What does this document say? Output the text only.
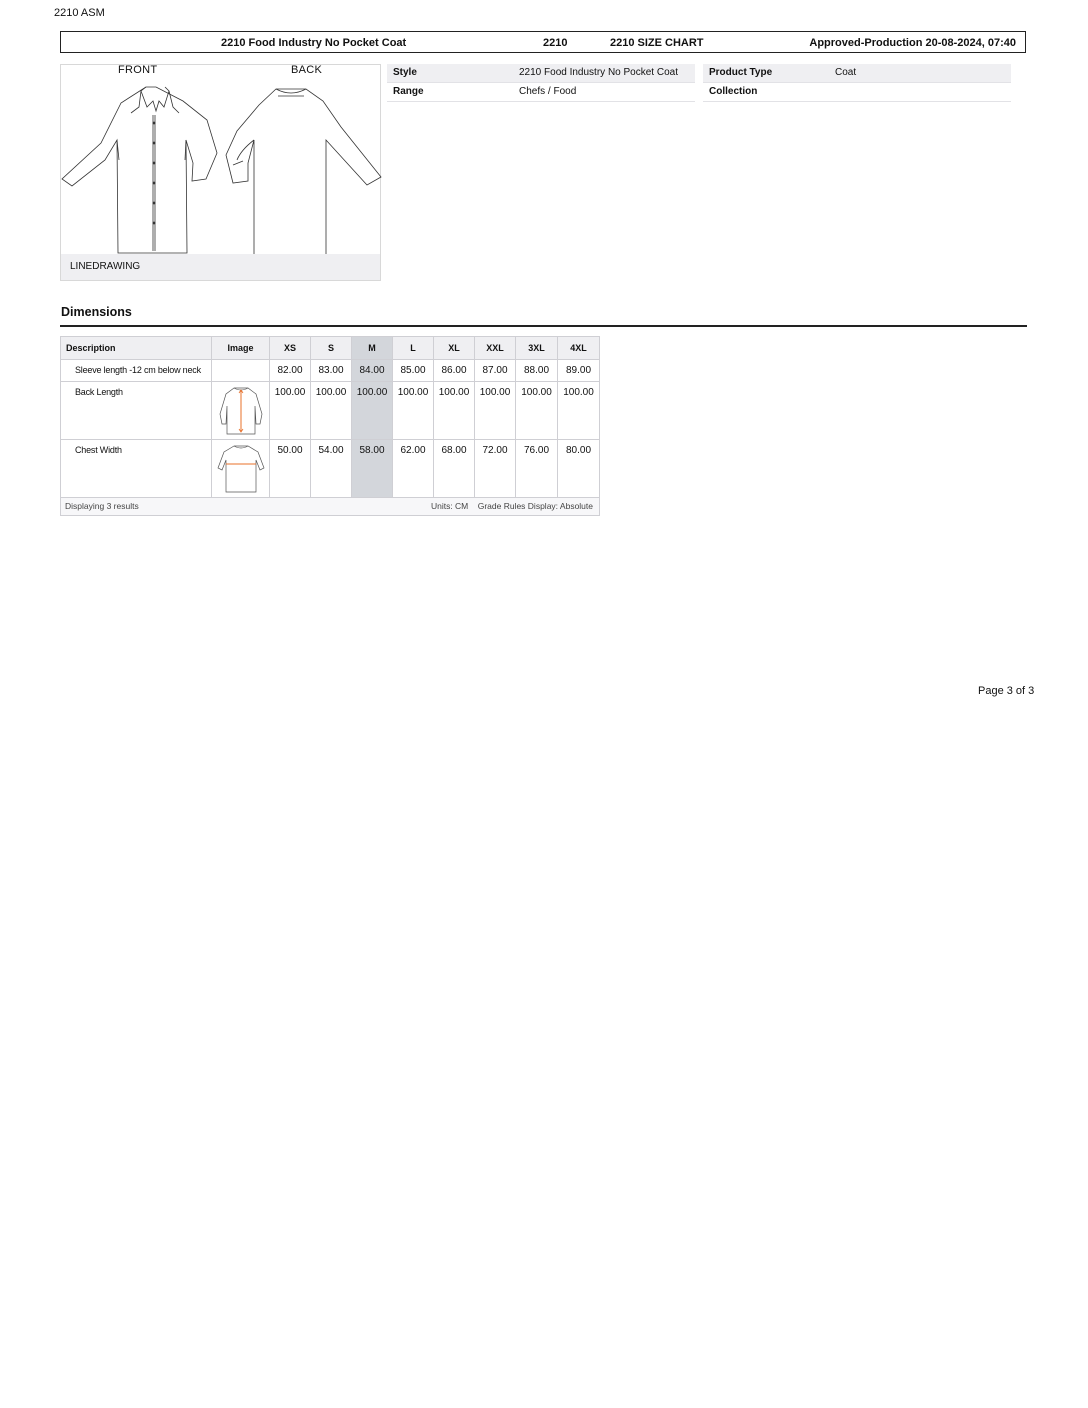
2210 ASM
2210 Food Industry No Pocket Coat	2210	2210 SIZE CHART	Approved-Production 20-08-2024, 07:40
FRONT	BACK
LINEDRAWING
Style	2210 Food Industry No Pocket Coat
Range	Chefs / Food
Product Type	Coat
Collection
Dimensions
Description	Image	XS	S	M	L	XL	XXL	3XL	4XL
Sleeve length -12 cm below neck		82.00	83.00	84.00	85.00	86.00	87.00	88.00	89.00
Back Length		100.00	100.00	100.00	100.00	100.00	100.00	100.00	100.00
Chest Width		50.00	54.00	58.00	62.00	68.00	72.00	76.00	80.00

Displaying 3 results Units: CM Grade Rules Display: Absolute									
Page 3 of 3
